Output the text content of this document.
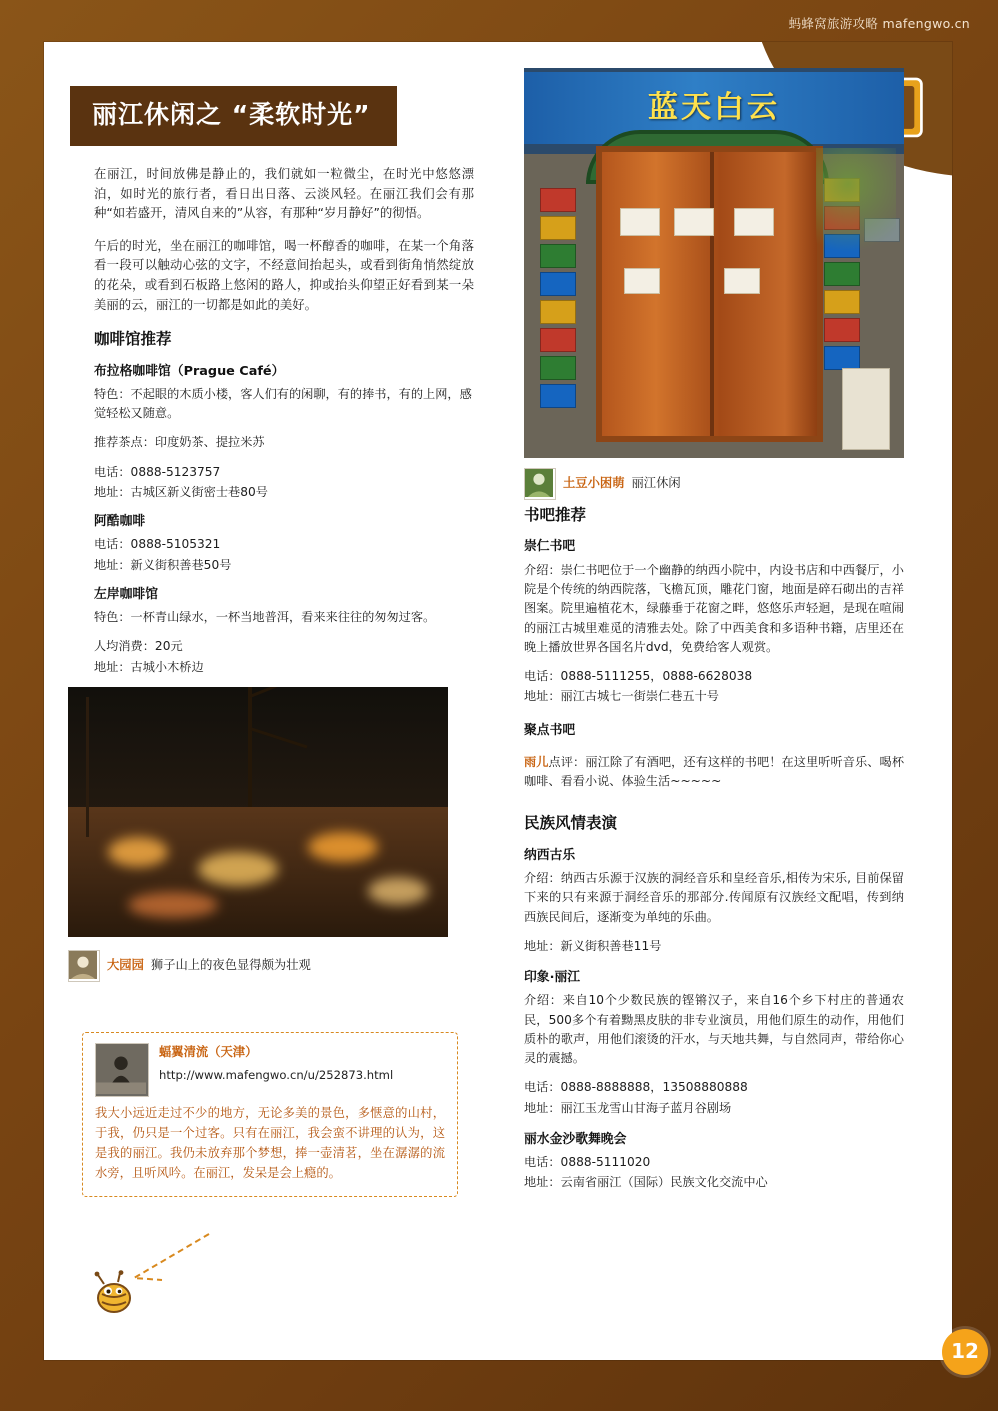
蚂蜂窝旅游攻略 mafengwo.cn
丽江休闲之 “柔软时光”	蓝天白云
土豆小困萌 丽江休闲

在丽江，时间放佛是静止的，我们就如一粒微尘，在时光中悠悠漂泊，如时光的旅行者，看日出日落、云淡风轻。在丽江我们会有那种“如若盛开，清风自来的”从容，有那种“岁月静好”的彻悟。

午后的时光，坐在丽江的咖啡馆，喝一杯醇香的咖啡，在某一个角落看一段可以触动心弦的文字，不经意间抬起头，或看到街角悄然绽放的花朵，或看到石板路上悠闲的路人，抑或抬头仰望正好看到某一朵美丽的云，丽江的一切都是如此的美好。

咖啡馆推荐
布拉格咖啡馆（Prague Café）
特色：不起眼的木质小楼，客人们有的闲聊，有的捧书，有的上网，感觉轻松又随意。
推荐茶点：印度奶茶、提拉米苏
电话：0888-5123757
地址：古城区新义街密士巷80号
阿酷咖啡
电话：0888-5105321
地址：新义街积善巷50号
左岸咖啡馆
特色：一杯青山绿水，一杯当地普洱，看来来往往的匆匆过客。
人均消费：20元
地址：古城小木桥边
大园园 狮子山上的夜色显得颇为壮观
蝠翼清流（天津）
http://www.mafengwo.cn/u/252873.html
我大小远近走过不少的地方，无论多美的景色，多惬意的山村，于我，仍只是一个过客。只有在丽江，我会蛮不讲理的认为，这是我的丽江。我仍未放弃那个梦想，捧一壶清茗，坐在潺潺的流水旁，且听风吟。在丽江，发呆是会上瘾的。
书吧推荐
崇仁书吧
介绍：崇仁书吧位于一个幽静的纳西小院中，内设书店和中西餐厅，小院是个传统的纳西院落，飞檐瓦顶，雕花门窗，地面是碎石砌出的吉祥图案。院里遍植花木，绿藤垂于花窗之畔，悠悠乐声轻迴，是现在喧闹的丽江古城里难觅的清雅去处。除了中西美食和多语种书籍，店里还在晚上播放世界各国名片dvd，免费给客人观赏。
电话：0888-5111255，0888-6628038
地址：丽江古城七一街崇仁巷五十号
聚点书吧
雨儿点评：丽江除了有酒吧，还有这样的书吧！在这里听听音乐、喝杯咖啡、看看小说、体验生活~~~~~
民族风情表演
纳西古乐
介绍：纳西古乐源于汉族的洞经音乐和皇经音乐,相传为宋乐, 目前保留下来的只有来源于洞经音乐的那部分.传闻原有汉族经文配唱，传到纳西族民间后，逐渐变为单纯的乐曲。
地址：新义街积善巷11号
印象·丽江
介绍：来自10个少数民族的铿锵汉子，来自16个乡下村庄的普通农民，500多个有着黝黑皮肤的非专业演员，用他们原生的动作，用他们质朴的歌声，用他们滚烫的汗水，与天地共舞，与自然同声，带给你心灵的震撼。
电话：0888-8888888，13508880888
地址：丽江玉龙雪山甘海子蓝月谷剧场
丽水金沙歌舞晚会
电话：0888-5111020
地址：云南省丽江（国际）民族文化交流中心
12
